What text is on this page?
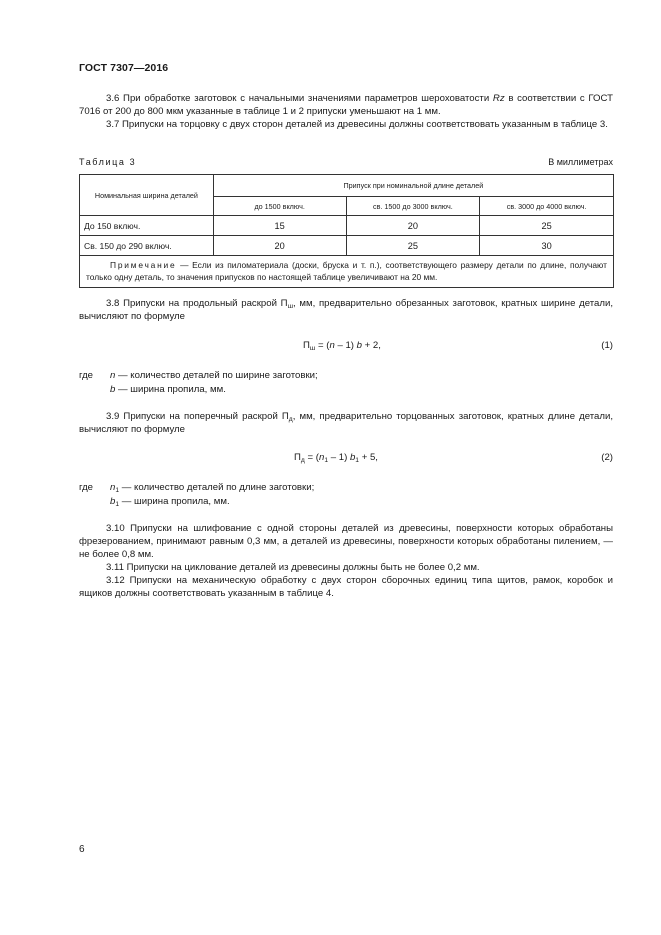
ГОСТ 7307—2016

3.6 При обработке заготовок с начальными значениями параметров шероховатости Rz в соответствии с ГОСТ 7016 от 200 до 800 мкм указанные в таблице 1 и 2 припуски уменьшают на 1 мм.

3.7 Припуски на торцовку с двух сторон деталей из древесины должны соответствовать указанным в таблице 3.

Таблица 3	В миллиметрах
Номинальная ширина деталей	Припуск при номинальной длине деталей		
	до 1500 включ.	св. 1500 до 3000 включ.	св. 3000 до 4000 включ.
До 150 включ.	15	20	25
Св. 150 до 290 включ.	20	25	30
Примечание — Если из пиломатериала (доски, бруска и т. п.), соответствующего размеру детали по длине, получают только одну деталь, то значения припусков по настоящей таблице увеличивают на 20 мм.			

3.8 Припуски на продольный раскрой $П_ш$, мм, предварительно обрезанных заготовок, кратных ширине детали, вычисляют по формуле

$П_ш = (n - 1) b + 2$,	(1)
где n — количество деталей по ширине заготовки;
b — ширина пропила, мм.

3.9 Припуски на поперечный раскрой $П_д$, мм, предварительно торцованных заготовок, кратных длине детали, вычисляют по формуле

$П_д = (n_1 - 1) b_1 + 5$,	(2)
где $n_1$ — количество деталей по длине заготовки;
$b_1$ — ширина пропила, мм.

3.10 Припуски на шлифование с одной стороны деталей из древесины, поверхности которых обработаны фрезерованием, принимают равным 0,3 мм, а деталей из древесины, поверхности которых обработаны пилением, — не более 0,8 мм.

3.11 Припуски на циклование деталей из древесины должны быть не более 0,2 мм.

3.12 Припуски на механическую обработку с двух сторон сборочных единиц типа щитов, рамок, коробок и ящиков должны соответствовать указанным в таблице 4.

6
